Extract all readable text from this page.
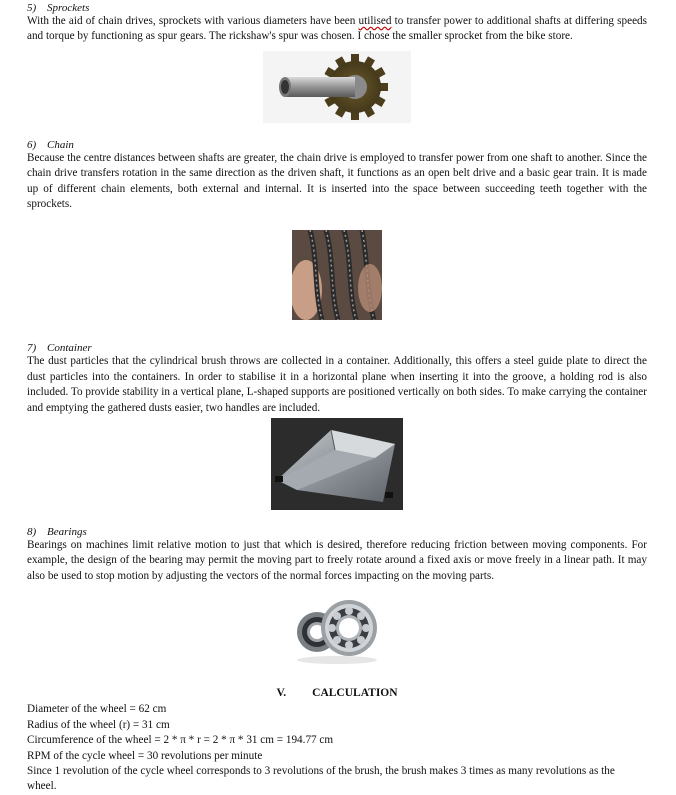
5) Sprockets

With the aid of chain drives, sprockets with various diameters have been utilised to transfer power to additional shafts at differing speeds and torque by functioning as spur gears. The rickshaw's spur was chosen. I chose the smaller sprocket from the bike store.

6) Chain

Because the centre distances between shafts are greater, the chain drive is employed to transfer power from one shaft to another. Since the chain drive transfers rotation in the same direction as the driven shaft, it functions as an open belt drive and a basic gear train. It is made up of different chain elements, both external and internal. It is inserted into the space between succeeding teeth together with the sprockets.

7) Container

The dust particles that the cylindrical brush throws are collected in a container. Additionally, this offers a steel guide plate to direct the dust particles into the containers. In order to stabilise it in a horizontal plane when inserting it into the groove, a holding rod is also included. To provide stability in a vertical plane, L-shaped supports are positioned vertically on both sides. To make carrying the container and emptying the gathered dusts easier, two handles are included.

8) Bearings

Bearings on machines limit relative motion to just that which is desired, therefore reducing friction between moving components. For example, the design of the bearing may permit the moving part to freely rotate around a fixed axis or move freely in a linear path. It may also be used to stop motion by adjusting the vectors of the normal forces impacting on the moving parts.

V. CALCULATION

Diameter of the wheel = 62 cm

Radius of the wheel (r) = 31 cm

Circumference of the wheel = 2 * π * r = 2 * π * 31 cm = 194.77 cm

RPM of the cycle wheel = 30 revolutions per minute

Since 1 revolution of the cycle wheel corresponds to 3 revolutions of the brush, the brush makes 3 times as many revolutions as the wheel.
